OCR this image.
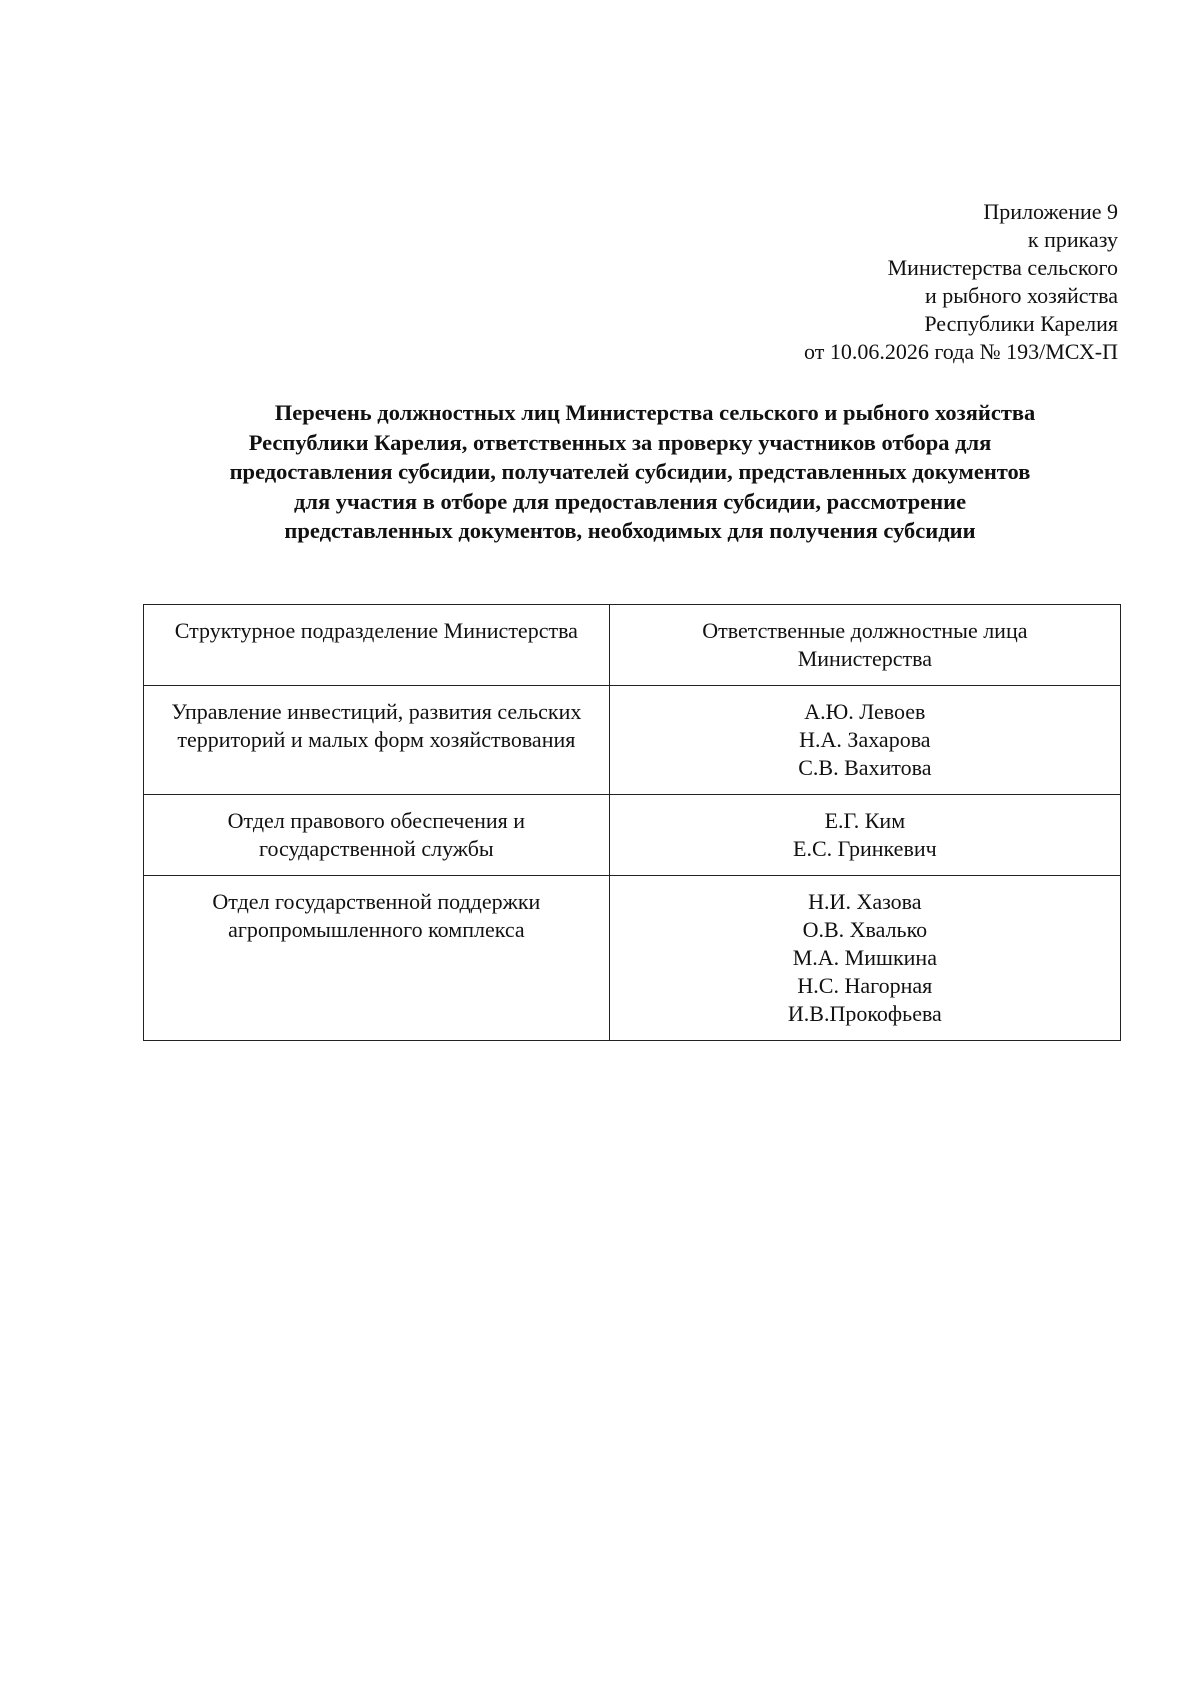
Приложение 9
к приказу
Министерства сельского
и рыбного хозяйства
Республики Карелия
от 10.06.2026 года № 193/МСХ-П
Перечень должностных лиц Министерства сельского и рыбного хозяйства
Республики Карелия, ответственных за проверку участников отбора для
предоставления субсидии, получателей субсидии, представленных документов
для участия в отборе для предоставления субсидии, рассмотрение
представленных документов, необходимых для получения субсидии
Структурное подразделение Министерства	Ответственные должностные лица
Министерства

Управление инвестиций, развития сельских
территорий и малых форм хозяйствования	А.Ю. Левоев
Н.А. Захарова
С.В. Вахитова

Отдел правового обеспечения и
государственной службы	Е.Г. Ким
Е.С. Гринкевич

Отдел государственной поддержки
агропромышленного комплекса	Н.И. Хазова
О.В. Хвалько
М.А. Мишкина
Н.С. Нагорная
И.В.Прокофьева
